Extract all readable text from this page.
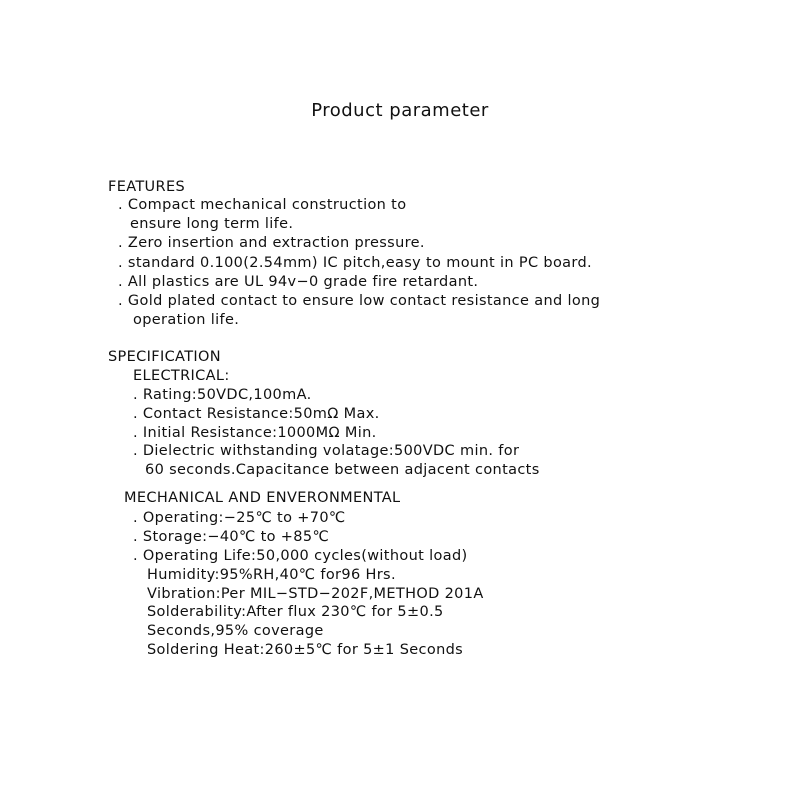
Product parameter

FEATURES

. Compact mechanical construction to

ensure long term life.

. Zero insertion and extraction pressure.

. standard 0.100(2.54mm) IC pitch,easy to mount in PC board.

. All plastics are UL 94v−0 grade fire retardant.

. Gold plated contact to ensure low contact resistance and long

operation life.

SPECIFICATION

ELECTRICAL:

. Rating:50VDC,100mA.

. Contact Resistance:50mΩ Max.

. Initial Resistance:1000MΩ Min.

. Dielectric withstanding volatage:500VDC min. for

60 seconds.Capacitance between adjacent contacts

MECHANICAL AND ENVERONMENTAL

. Operating:−25℃ to +70℃

. Storage:−40℃ to +85℃

. Operating Life:50,000 cycles(without load)

Humidity:95%RH,40℃ for96 Hrs.

Vibration:Per MIL−STD−202F,METHOD 201A

Solderability:After flux 230℃ for 5±0.5

Seconds,95% coverage

Soldering Heat:260±5℃ for 5±1 Seconds
